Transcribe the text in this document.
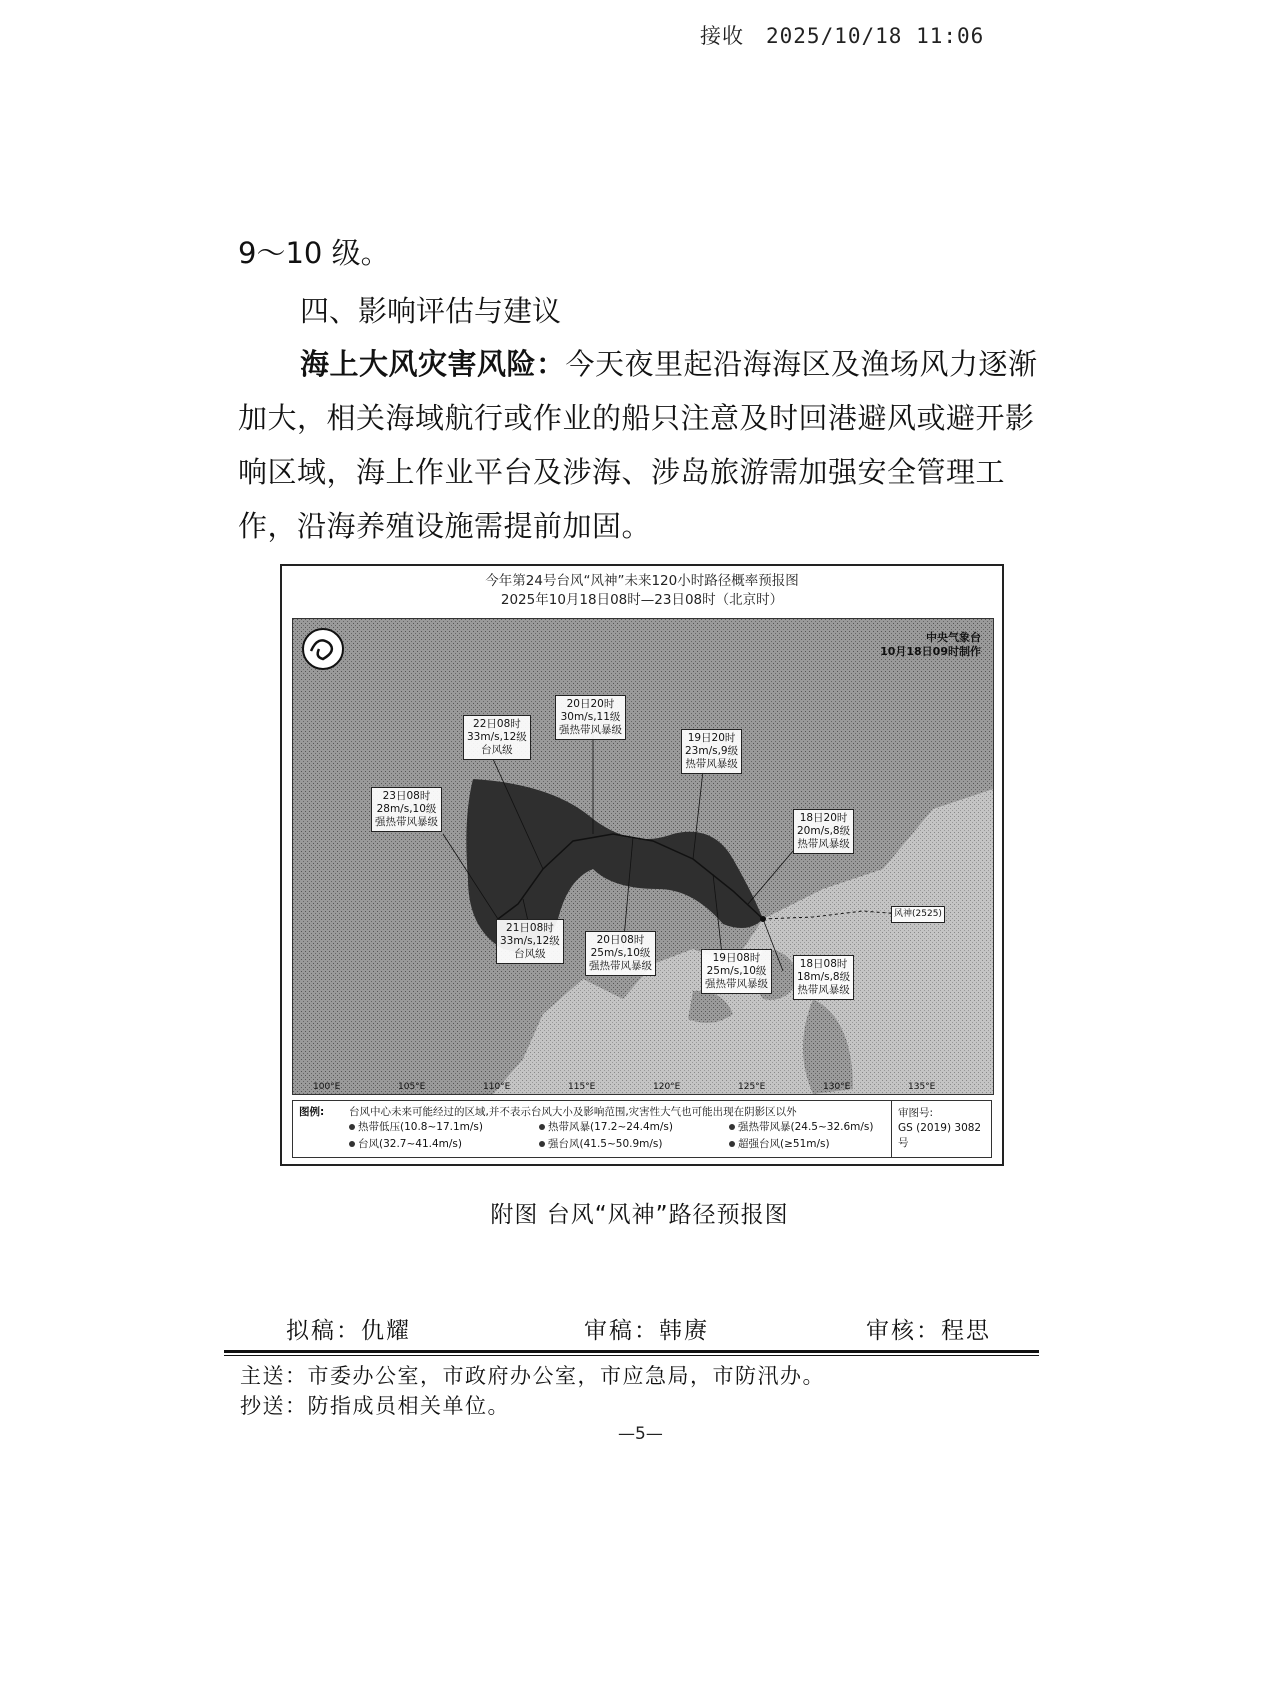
接收 2025/10/18 11:06
9～10 级。
四、影响评估与建议
海上大风灾害风险：今天夜里起沿海海区及渔场风力逐渐加大，相关海域航行或作业的船只注意及时回港避风或避开影响区域，海上作业平台及涉海、涉岛旅游需加强安全管理工作，沿海养殖设施需提前加固。
今年第24号台风“风神”未来120小时路径概率预报图
2025年10月18日08时—23日08时（北京时）
中央气象台
10月18日09时制作
风神(2525)
18日08时
18m/s,8级
热带风暴级
18日20时
20m/s,8级
热带风暴级
19日08时
25m/s,10级
强热带风暴级
19日20时
23m/s,9级
热带风暴级
20日08时
25m/s,10级
强热带风暴级
20日20时
30m/s,11级
强热带风暴级
21日08时
33m/s,12级
台风级
22日08时
33m/s,12级
台风级
23日08时
28m/s,10级
强热带风暴级
100°E	105°E	110°E	115°E	120°E	125°E	130°E	135°E
图例: 台风中心未来可能经过的区域,并不表示台风大小及影响范围,灾害性大气也可能出现在阴影区以外
热带低压(10.8~17.1m/s)	热带风暴(17.2~24.4m/s)	强热带风暴(24.5~32.6m/s)
台风(32.7~41.4m/s)	强台风(41.5~50.9m/s)	超强台风(≥51m/s)
审图号:
GS (2019) 3082号
附图 台风“风神”路径预报图
拟稿：仇耀	审稿：韩赓	审核：程思
主送：市委办公室，市政府办公室，市应急局，市防汛办。
抄送：防指成员相关单位。
—5—
